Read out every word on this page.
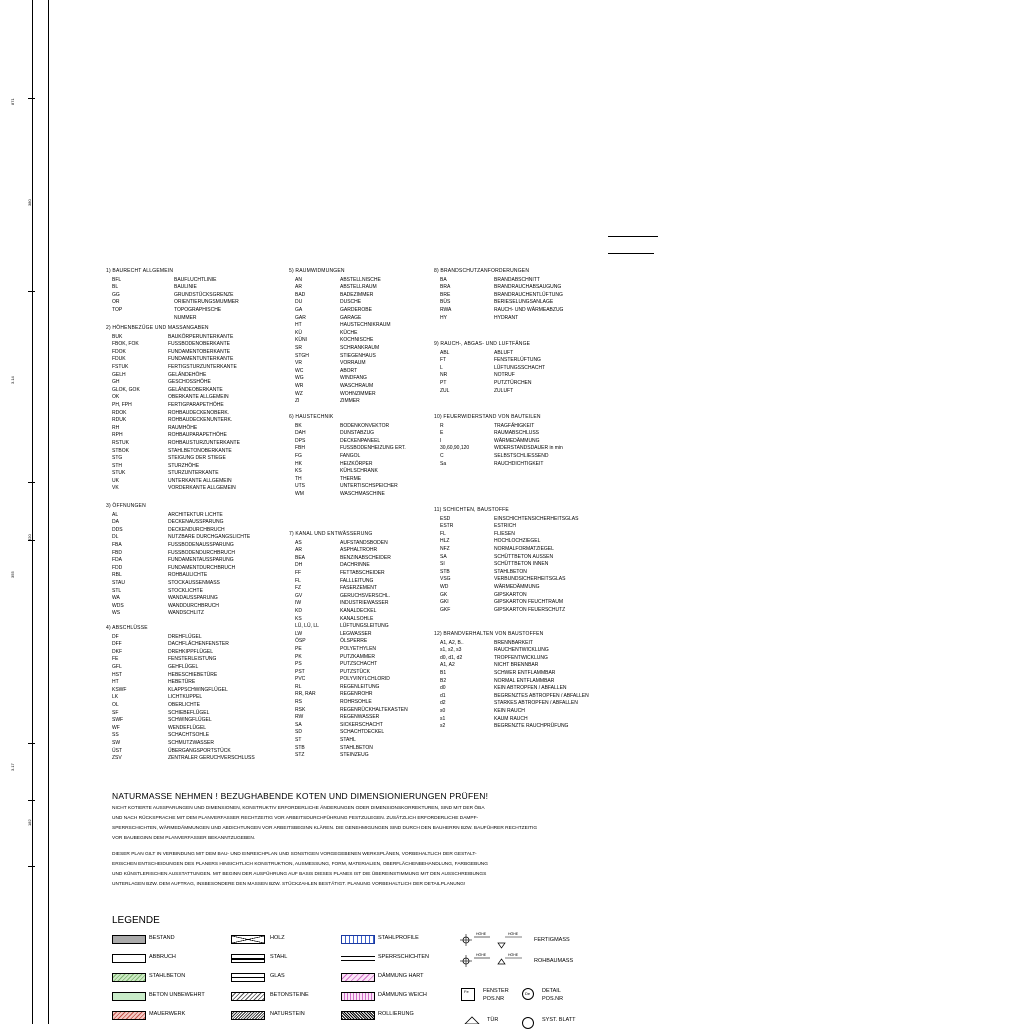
871
380
3.14
320
355
3.17
182
1) BAURECHT ALLGEMEIN
BFL	BAUFLUCHTLINIE
BL	BAULINIE
GG	GRUNDSTÜCKSGRENZE
OR	ORIENTIERUNGSMUMMER
TOP	TOPOGRAPHISCHE
NUMMER
2) HÖHENBEZÜGE UND MASSANGABEN
BUK	BAUKÖRPERUNTERKANTE
FBOK, FOK	FUSSBODENOBERKANTE
FDOK	FUNDAMENTOBERKANTE
FDUK	FUNDAMENTUNTERKANTE
FSTUK	FERTIGSTURZUNTERKANTE
GELH	GELÄNDEHÖHE
GH	GESCHOSSHÖHE
GLOK, GOK	GELÄNDEOBERKANTE
OK	OBERKANTE ALLGEMEIN
PH, FPH	FERTIGPARAPETHÖHE
RDOK	ROHBAUDECKENOBERK.
RDUK	ROHBAUDECKENUNTERK.
RH	RAUMHÖHE
RPH	ROHBAUPARAPETHÖHE
RSTUK	ROHBAUSTURZUNTERKANTE
STBOK	STAHLBETONOBERKANTE
STG	STEIGUNG DER STIEGE
STH	STURZHÖHE
STUK	STURZUNTERKANTE
UK	UNTERKANTE ALLGEMEIN
VK	VORDERKANTE ALLGEMEIN
3) ÖFFNUNGEN
AL	ARCHITEKTUR LICHTE
DA	DECKENAUSSPARUNG
DDS	DECKENDURCHBRUCH
DL	NUTZBARE DURCHGANGSLICHTE
FBA	FUSSBODENAUSSPARUNG
FBD	FUSSBODENDURCHBRUCH
FDA	FUNDAMENTAUSSPARUNG
FDD	FUNDAMENTDURCHBRUCH
RBL	ROHBAULICHTE
STAU	STOCKAUSSENMASS
STL	STOCKLICHTE
WA	WANDAUSSPARUNG
WDS	WANDDURCHBRUCH
WS	WANDSCHLITZ
4) ABSCHLÜSSE
DF	DREHFLÜGEL
DFF	DACHFLÄCHENFENSTER
DKF	DREHKIPPFLÜGEL
FE	FENSTERLEISTUNG
GFL	GEHFLÜGEL
HST	HEBESCHIEBETÜRE
HT	HEBETÜRE
KSWF	KLAPPSCHWINGFLÜGEL
LK	LICHTKUPPEL
OL	OBERLICHTE
SF	SCHIEBEFLÜGEL
SWF	SCHWINGFLÜGEL
WF	WENDEFLÜGEL
SS	SCHACHTSOHLE
SW	SCHMUTZWASSER
ÜST	ÜBERGANGSPORTSTÜCK
ZSV	ZENTRALER GERUCHVERSCHLUSS
5) RAUMWIDMUNGEN
AN	ABSTELLNISCHE
AR	ABSTELLRAUM
BAD	BADEZIMMER
DU	DUSCHE
GA	GARDEROBE
GAR	GARAGE
HT	HAUSTECHNIKRAUM
KÜ	KÜCHE
KÜNI	KOCHNISCHE
SR	SCHRANKRAUM
STGH	STIEGENHAUS
VR	VORRAUM
WC	ABORT
WG	WINDFANG
WR	WASCHRAUM
WZ	WOHNZIMMER
ZI	ZIMMER
6) HAUSTECHNIK
BK	BODENKONVEKTOR
DAH	DUNSTABZUG
DPS	DECKENPANEEL
FBH	FUSSBODENHEIZUNG ERT.
FG	FANGOL
HK	HEIZKÖRPER
KS	KÜHLSCHRANK
TH	THERME
UTS	UNTERTISCHSPEICHER
WM	WASCHMASCHINE
7) KANAL UND ENTWÄSSERUNG
AS	AUFSTANDSBODEN
AR	ASPHALTROHR
BEA	BENZINABSCHEIDER
DH	DACHRINNE
FF	FETTABSCHEIDER
FL	FALLLEITUNG
FZ	FASERZEMENT
GV	GERUCHSVERSCHL.
IW	INDUSTRIEWASSER
KD	KANALDECKEL
KS	KANALSOHLE
LÜ, LÜ, LL	LÜFTUNGSLEITUNG
LW	LEGWASSER
ÖSP	ÖLSPERRE
PE	POLYETHYLEN
PK	PUTZKAMMER
PS	PUTZSCHACHT
PST	PUTZSTÜCK
PVC	POLYVINYLCHLORID
RL	REGENLEITUNG
RR, RAR	REGENROHR
RS	ROHRSOHLE
RSK	REGENRÜCKHALTEKASTEN
RW	REGENWASSER
SA	SICKERSCHACHT
SD	SCHACHTDECKEL
ST	STAHL
STB	STAHLBETON
STZ	STEINZEUG
8) BRANDSCHUTZANFORDERUNGEN
BA	BRANDABSCHNITT
BRA	BRANDRAUCHABSAUGUNG
BRE	BRANDRAUCHENTLÜFTUNG
BÜS	BERIESELUNGSANLAGE
RWA	RAUCH- UND WÄRMEABZUG
HY	HYDRANT
9) RAUCH-, ABGAS- UND LUFTFÄNGE
ABL	ABLUFT
FT	FENSTERLÜFTUNG
L	LÜFTUNGSSCHACHT
NR	NOTRUF
PT	PUTZTÜRCHEN
ZUL	ZULUFT
10) FEUERWIDERSTAND VON BAUTEILEN
R	TRAGFÄHIGKEIT
E	RAUMABSCHLUSS
I	WÄRMEDÄMMUNG
30,60,90,120	WIDERSTANDSDAUER in min
C	SELBSTSCHLIESSEND
Sa	RAUCHDICHTIGKEIT
11) SCHICHTEN, BAUSTOFFE
ESD	EINSCHICHTENSICHERHEITSGLAS
ESTR	ESTRICH
FL	FLIESEN
HLZ	HOCHLOCHZIEGEL
NFZ	NORMALFORMATZIEGEL
SA	SCHÜTTBETON AUSSEN
SI	SCHÜTTBETON INNEN
STB	STAHLBETON
VSG	VERBUNDSICHERHEITSGLAS
WD	WÄRMEDÄMMUNG
GK	GIPSKARTON
GKI	GIPSKARTON FEUCHTRAUM
GKF	GIPSKARTON FEUERSCHUTZ
12) BRANDVERHALTEN VON BAUSTOFFEN
A1, A2, B..	BRENNBARKEIT
s1, s2, s3	RAUCHENTWICKLUNG
d0, d1, d2	TROPFENTWICKLUNG
A1, A2	NICHT BRENNBAR
B1	SCHWER ENTFLAMMBAR
B2	NORMAL ENTFLAMMBAR
d0	KEIN ABTROPFEN / ABFALLEN
d1	BEGRENZTES ABTROPFEN / ABFALLEN
d2	STARKES ABTROPFEN / ABFALLEN
s0	KEIN RAUCH
s1	KAUM RAUCH
s2	BEGRENZTE RAUCHPRÜFUNG
NATURMASSE NEHMEN ! BEZUGHABENDE KOTEN UND DIMENSIONIERUNGEN PRÜFEN!
NICHT KOTIERTE AUSSPARUNGEN UND DIMENSIONEN, KONSTRUKTIV ERFORDERLICHE ÄNDERUNGEN ODER DIMENSIONSKORREKTUREN, SIND MIT DER ÖBA
UND NACH RÜCKSPRACHE MIT DEM PLANVERFASSER RECHTZEITIG VOR ARBEITSDURCHFÜHRUNG FESTZULEGEN. ZUSÄTZLICH ERFORDERLICHE DAMPF-
SPERRSCHICHTEN, WÄRMEDÄMMUNGEN UND ABDICHTUNGEN VOR ARBEITSBEGINN KLÄREN. DIE GENEHMIGUNGEN SIND DURCH DEN BAUHERRN BZW. BAUFÜHRER RECHTZEITIG
VOR BAUBEGINN DEM PLANVERFASSER BEKANNTZUGEBEN.
DIESER PLAN GILT IN VERBINDUNG MIT DEM BAU- UND EINREICHPLAN UND SONSTIGEN VORGEGEBENEN WERKSPLÄNEN, VORBEHALTLICH DER GESTALT-
ERISCHEN ENTSCHEIDUNGEN DES PLANERS HINSICHTLICH KONSTRUKTION, AUSMESSUNG, FORM, MATERIALIEN, OBERFLÄCHENBEHANDLUNG, FARBGEBUNG
UND KÜNSTLERISCHEN AUSSTATTUNGEN. MIT BEGINN DER AUSFÜHRUNG AUF BASIS DIESES PLANES IST DIE ÜBEREINSTIMMUNG MIT DEN AUSSCHREIBUNGS
UNTERLAGEN BZW. DEM AUFTRAG, INSBESONDERE DEN MASSEN BZW. STÜCKZAHLEN BESTÄTIGT. PLANUNG VORBEHALTLICH DER DETAILPLANUNG!
LEGENDE
BESTAND
ABBRUCH
STAHLBETON
BETON UNBEWEHRT
MAUERWERK
HOLZ
STAHL
GLAS
BETONSTEINE
NATURSTEIN
STAHLPROFILE
SPERRSCHICHTEN
DÄMMUNG HART
DÄMMUNG WEICH
ROLLIERUNG
HÖHE	HÖHE
HÖHE	HÖHE
FERTIGMASS
ROHBAUMASS
Fe	FENSTER
POS.NR
De DETAIL
POS.NR
TÜR	SYST. BLATT
